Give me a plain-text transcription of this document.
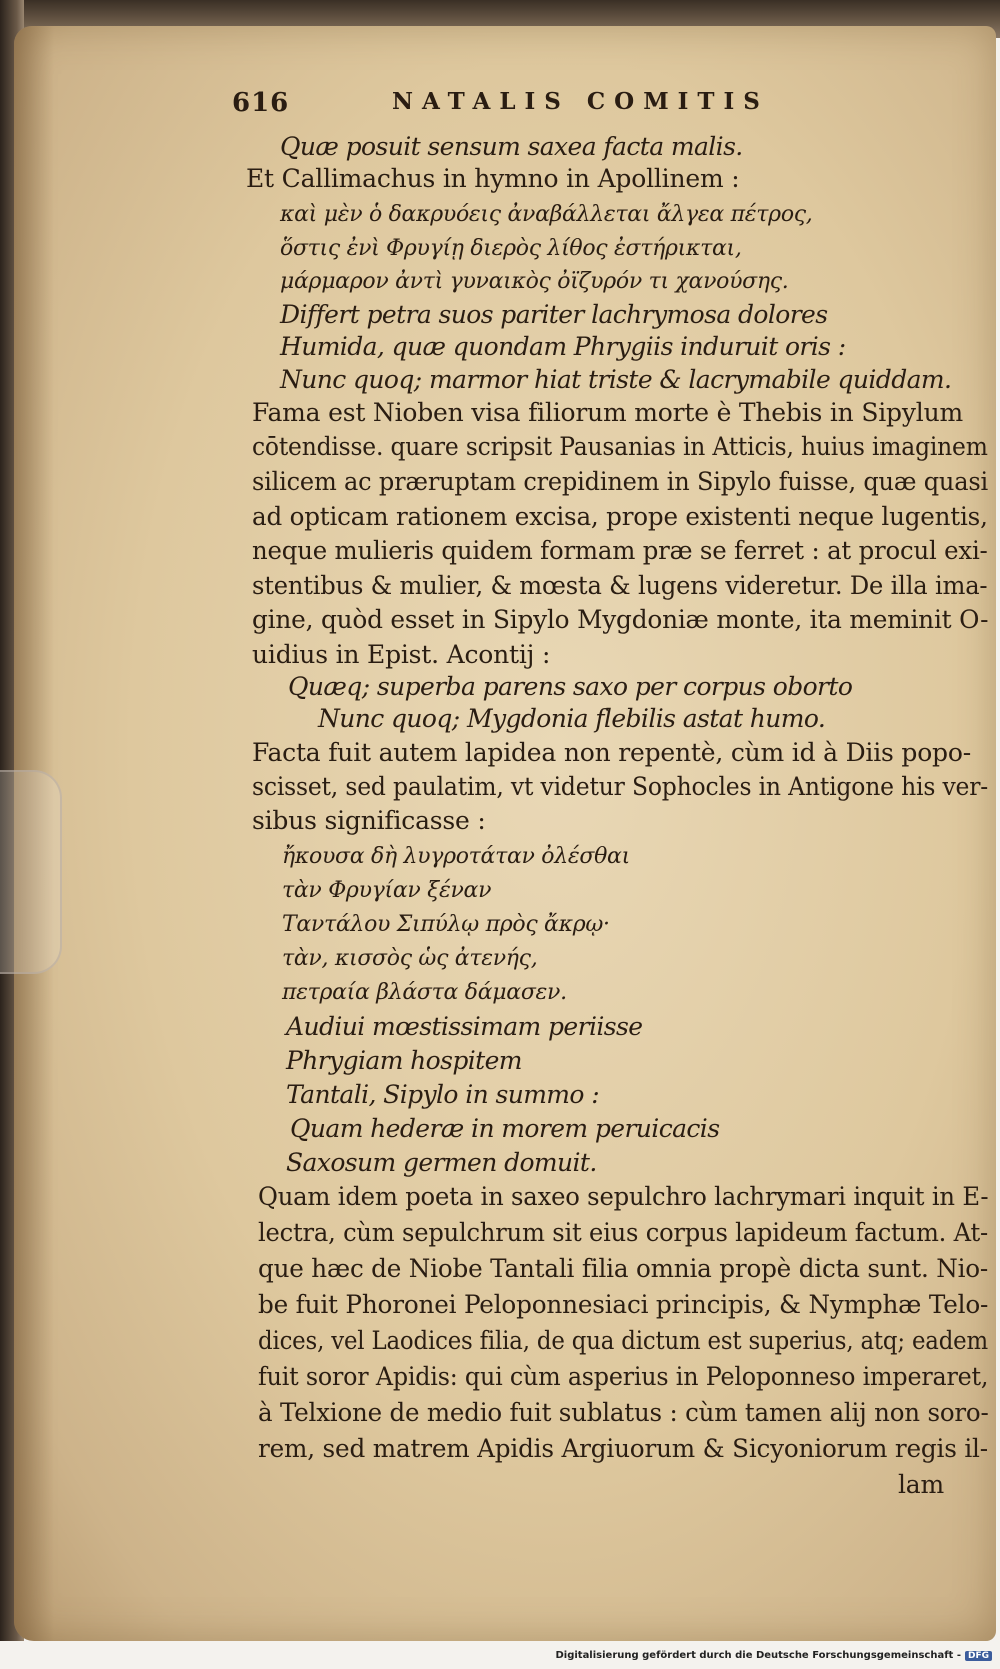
616	NATALIS COMITIS
Quæ posuit sensum saxea facta malis.
Et Callimachus in hymno in Apollinem :
καὶ μὲν ὁ δακρυόεις ἀναβάλλεται ἄλγεα πέτρος,
ὅστις ἐνὶ Φρυγίῃ διερὸς λίθος ἐστήρικται,
μάρμαρον ἀντὶ γυναικὸς ὀϊζυρόν τι χανούσης.
Differt petra suos pariter lachrymosa dolores
Humida, quæ quondam Phrygiis induruit oris :
Nunc quoq; marmor hiat triste & lacrymabile quiddam.
Fama est Nioben visa filiorum morte è Thebis in Sipylum
cōtendisse. quare scripsit Pausanias in Atticis, huius imaginem
silicem ac præruptam crepidinem in Sipylo fuisse, quæ quasi
ad opticam rationem excisa, prope existenti neque lugentis,
neque mulieris quidem formam præ se ferret : at procul exi-
stentibus & mulier, & mœsta & lugens videretur. De illa ima-
gine, quòd esset in Sipylo Mygdoniæ monte, ita meminit O-
uidius in Epist. Acontij :
Quæq; superba parens saxo per corpus oborto
Nunc quoq; Mygdonia flebilis astat humo.
Facta fuit autem lapidea non repentè, cùm id à Diis popo-
scisset, sed paulatim, vt videtur Sophocles in Antigone his ver-
sibus significasse :
ἤκουσα δὴ λυγροτάταν ὀλέσθαι
τὰν Φρυγίαν ξέναν
Ταντάλου Σιπύλῳ πρὸς ἄκρῳ·
τὰν, κισσὸς ὡς ἀτενής,
πετραία βλάστα δάμασεν.
Audiui mœstissimam periisse
Phrygiam hospitem
Tantali, Sipylo in summo :
Quam hederæ in morem peruicacis
Saxosum germen domuit.
Quam idem poeta in saxeo sepulchro lachrymari inquit in E-
lectra, cùm sepulchrum sit eius corpus lapideum factum. At-
que hæc de Niobe Tantali filia omnia propè dicta sunt. Nio-
be fuit Phoronei Peloponnesiaci principis, & Nymphæ Telo-
dices, vel Laodices filia, de qua dictum est superius, atq; eadem
fuit soror Apidis: qui cùm asperius in Peloponneso imperaret,
à Telxione de medio fuit sublatus : cùm tamen alij non soro-
rem, sed matrem Apidis Argiuorum & Sicyoniorum regis il-
lam
Digitalisierung gefördert durch die Deutsche Forschungsgemeinschaft - DFG
